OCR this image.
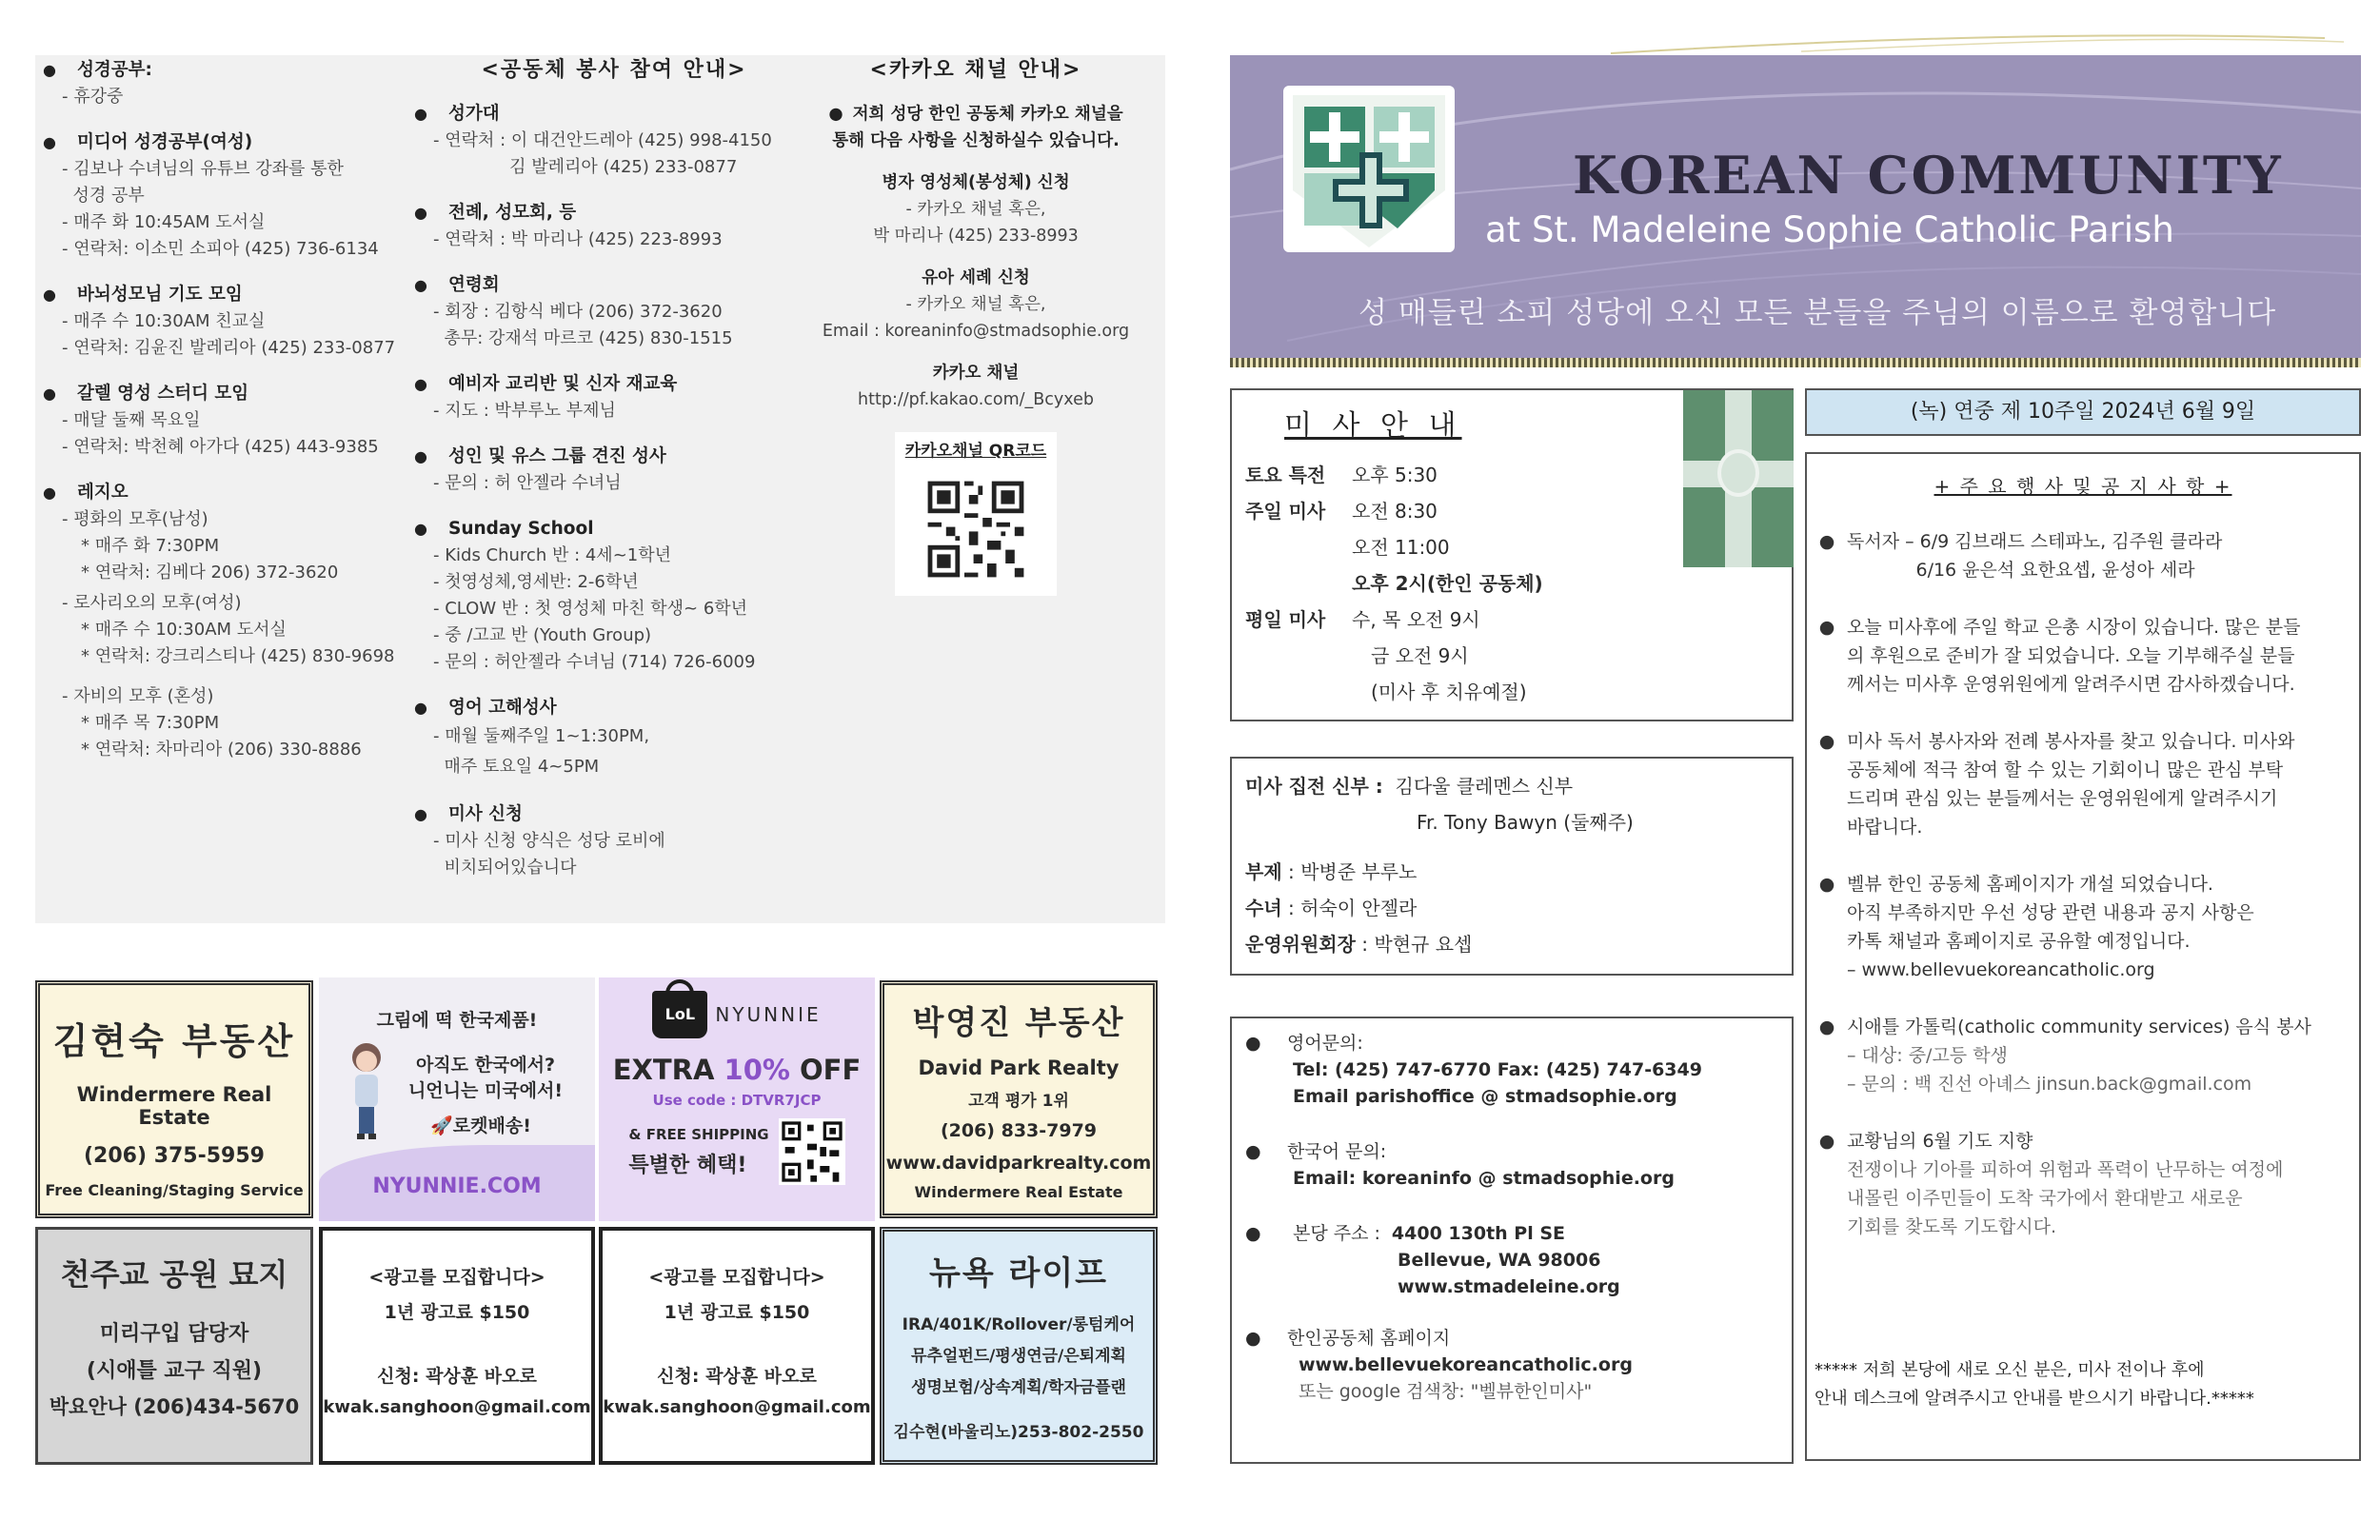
●	성경공부:
- 휴강중
●	미디어 성경공부(여성)
- 김보나 수녀님의 유튜브 강좌를 통한
성경 공부
- 매주 화 10:45AM 도서실
- 연락처: 이소민 소피아 (425) 736-6134
●	바뇌성모님 기도 모임
- 매주 수 10:30AM 친교실
- 연락처: 김윤진 발레리아 (425) 233-0877
●	갈렐 영성 스터디 모임
- 매달 둘째 목요일
- 연락처: 박천혜 아가다 (425) 443-9385
●	레지오
- 평화의 모후(남성)
* 매주 화 7:30PM
* 연락처: 김베다 206) 372-3620
- 로사리오의 모후(여성)
* 매주 수 10:30AM 도서실
* 연락처: 강크리스티나 (425) 830-9698
- 자비의 모후 (혼성)
* 매주 목 7:30PM
* 연락처: 차마리아 (206) 330-8886
<공동체 봉사 참여 안내>
●	성가대
- 연락처 : 이 대건안드레아 (425) 998-4150
김 발레리아 (425) 233-0877
●	전례, 성모회, 등
- 연락처 : 박 마리나 (425) 223-8993
●	연령회
- 회장 : 김항식 베다 (206) 372-3620
총무: 강재석 마르코 (425) 830-1515
●	예비자 교리반 및 신자 재교육
- 지도 : 박부루노 부제님
●	성인 및 유스 그룹 견진 성사
- 문의 : 허 안젤라 수녀님
●	Sunday School
- Kids Church 반 : 4세~1학년
- 첫영성체,영세반: 2-6학년
- CLOW 반 : 첫 영성체 마친 학생~ 6학년
- 중 /고교 반 (Youth Group)
- 문의 : 허안젤라 수녀님 (714) 726-6009
●	영어 고해성사
- 매월 둘째주일 1~1:30PM,
매주 토요일 4~5PM
●	미사 신청
- 미사 신청 양식은 성당 로비에
비치되어있습니다
<카카오 채널 안내>
● 저희 성당 한인 공동체 카카오 채널을
통해 다음 사항을 신청하실수 있습니다.
병자 영성체(봉성체) 신청
- 카카오 채널 혹은,
박 마리나 (425) 233-8993
유아 세례 신청
- 카카오 채널 혹은,
Email : koreaninfo@stmadsophie.org
카카오 채널
http://pf.kakao.com/_Bcyxeb
카카오채널 QR코드
김현숙 부동산
Windermere Real Estate
(206) 375-5959
Free Cleaning/Staging Service
그림에 떡 한국제품!
아직도 한국에서?
니언니는 미국에서!
🚀로켓배송!
NYUNNIE.COM
LoL	NYUNNIE
EXTRA 10% OFF
Use code : DTVR7JCP
& FREE SHIPPING
특별한 혜택!
박영진 부동산
David Park Realty
고객 평가 1위
(206) 833-7979
www.davidparkrealty.com
Windermere Real Estate
천주교 공원 묘지
미리구입 담당자
(시애틀 교구 직원)
박요안나 (206)434-5670
<광고를 모집합니다>
1년 광고료 $150
신청: 곽상훈 바오로
kwak.sanghoon@gmail.com
<광고를 모집합니다>
1년 광고료 $150
신청: 곽상훈 바오로
kwak.sanghoon@gmail.com
뉴욕 라이프
IRA/401K/Rollover/롱텀케어
뮤추얼펀드/평생연금/은퇴계획
생명보험/상속계획/학자금플랜
김수현(바울리노)253-802-2550
KOREAN COMMUNITY
at St. Madeleine Sophie Catholic Parish
성 매들린 소피 성당에 오신 모든 분들을 주님의 이름으로 환영합니다
미 사 안 내
토요 특전	오후 5:30
주일 미사	오전 8:30
오전 11:00
오후 2시(한인 공동체)
평일 미사	수, 목 오전 9시
금 오전 9시
(미사 후 치유예절)
미사 집전 신부 : 김다울 클레멘스 신부
Fr. Tony Bawyn (둘째주)
부제 : 박병준 부루노
수녀 : 허숙이 안젤라
운영위원회장 : 박현규 요셉
●	영어문의:
Tel: (425) 747-6770 Fax: (425) 747-6349
Email parishoffice @ stmadsophie.org
●	한국어 문의:
Email: koreaninfo @ stmadsophie.org
●	본당 주소 : 4400 130th Pl SE
Bellevue, WA 98006
www.stmadeleine.org
●	한인공동체 홈페이지
www.bellevuekoreancatholic.org
또는 google 검색창: "벨뷰한인미사"
(녹) 연중 제 10주일 2024년 6월 9일
+ 주 요 행 사 및 공 지 사 항 +
● 독서자 – 6/9 김브래드 스테파노, 김주원 클라라
6/16 윤은석 요한요셉, 윤성아 세라
● 오늘 미사후에 주일 학교 은총 시장이 있습니다. 많은 분들
의 후원으로 준비가 잘 되었습니다. 오늘 기부해주실 분들
께서는 미사후 운영위원에게 알려주시면 감사하겠습니다.
● 미사 독서 봉사자와 전례 봉사자를 찾고 있습니다. 미사와
공동체에 적극 참여 할 수 있는 기회이니 많은 관심 부탁
드리며 관심 있는 분들께서는 운영위원에게 알려주시기
바랍니다.
● 벨뷰 한인 공동체 홈페이지가 개설 되었습니다.
아직 부족하지만 우선 성당 관련 내용과 공지 사항은
카톡 채널과 홈페이지로 공유할 예정입니다.
– www.bellevuekoreancatholic.org
● 시애틀 가톨릭(catholic community services) 음식 봉사
– 대상: 중/고등 학생
– 문의 : 백 진선 아녜스 jinsun.back@gmail.com
● 교황님의 6월 기도 지향
전쟁이나 기아를 피하여 위험과 폭력이 난무하는 여정에
내몰린 이주민들이 도착 국가에서 환대받고 새로운
기회를 찾도록 기도합시다.
***** 저희 본당에 새로 오신 분은, 미사 전이나 후에
안내 데스크에 알려주시고 안내를 받으시기 바랍니다.*****
